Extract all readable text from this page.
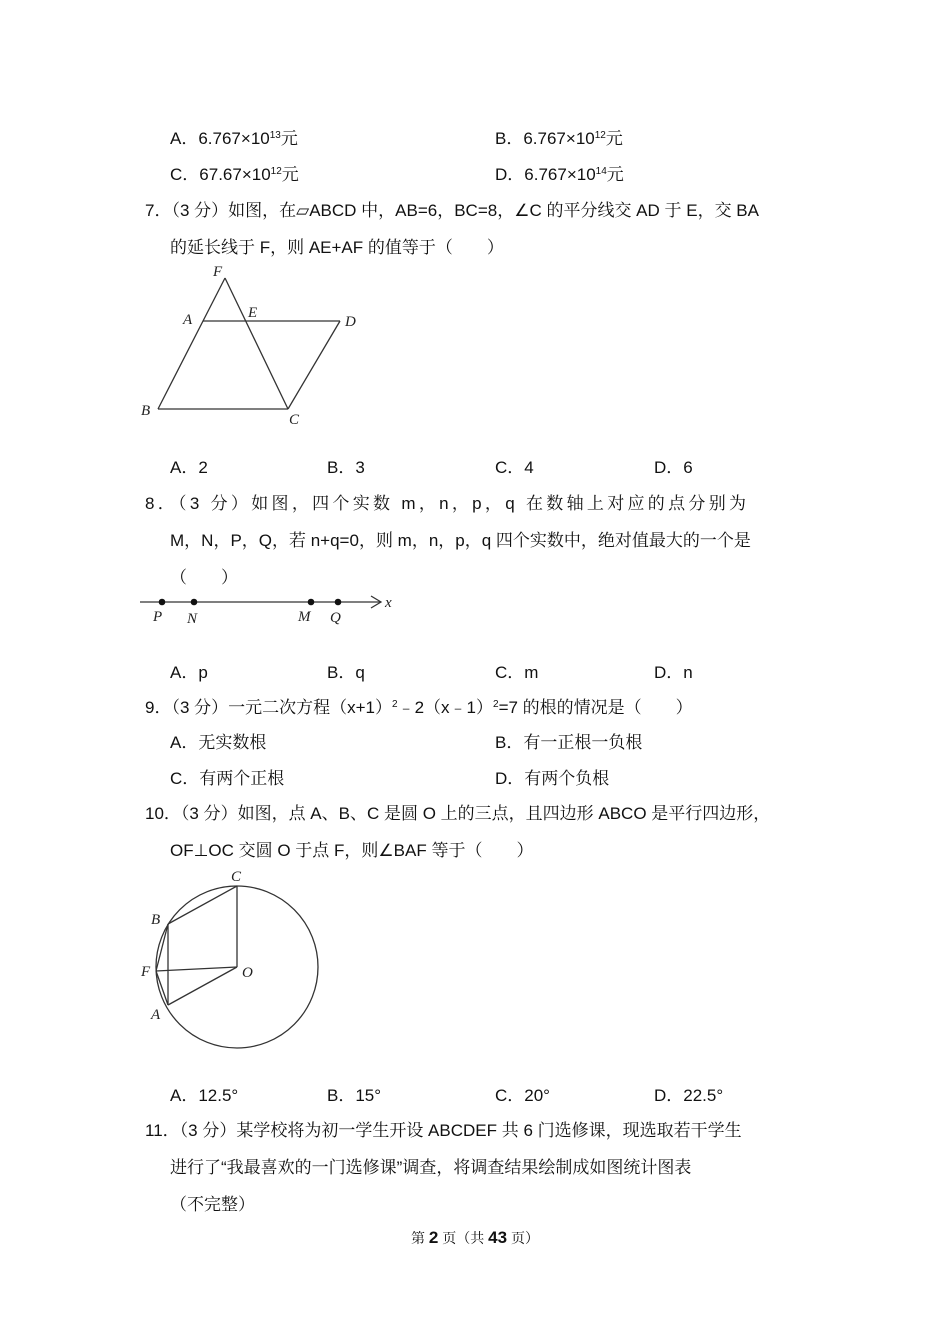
A．$6.767\times 10^{13}$元	B．$6.767\times 10^{12}$元
C．$67.67\times 10^{12}$元	D．$6.767\times 10^{14}$元
7．（3 分）如图，在▱ABCD 中，AB=6，BC=8，∠C 的平分线交 AD 于 E，交 BA
的延长线于 F，则 AE+AF 的值等于（　　）
F
A	E
D
B
C
A．2	B．3	C．4	D．6
8．（3 分）如图，四个实数 m，n，p，q 在数轴上对应的点分别为
M，N，P，Q，若 n+q=0，则 m，n，p，q 四个实数中，绝对值最大的一个是
（　　）
P N	M Q
x
A．p	B．q	C．m	D．n
9．（3 分）一元二次方程$(x+1)^2﹣2(x﹣1)^2=7$ 的根的情况是（　　）
A．无实数根	B．有一正根一负根
C．有两个正根	D．有两个负根
10．（3 分）如图，点 A、B、C 是圆 O 上的三点，且四边形 ABCO 是平行四边形，
OF⊥OC 交圆 O 于点 F，则∠BAF 等于（　　）
C
B
F	O
A
A．12.5°	B．15°	C．20°	D．22.5°
11．（3 分）某学校将为初一学生开设 ABCDEF 共 6 门选修课，现选取若干学生
进行了“我最喜欢的一门选修课”调查，将调查结果绘制成如图统计图表
（不完整）
第 2 页（共 43 页）
